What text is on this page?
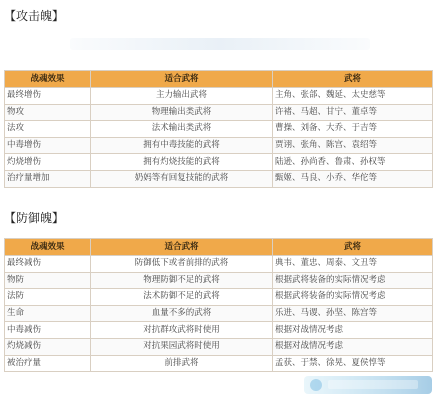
【攻击魄】
战魂效果	适合武将	武将
最终增伤	主力输出武将	主角、张郃、魏延、太史慈等
物攻	物理输出类武将	许褚、马超、甘宁、董卓等
法攻	法术输出类武将	曹操、刘备、大乔、于吉等
中毒增伤	拥有中毒技能的武将	贾诩、张角、陈宫、袁绍等
灼烧增伤	拥有灼烧技能的武将	陆逊、孙尚香、鲁肃、孙权等
治疗量增加	奶妈等有回复技能的武将	甄姬、马良、小乔、华佗等
【防御魄】
战魂效果	适合武将	武将
最终减伤	防御低下或者前排的武将	典韦、董忠、周泰、文丑等
物防	物理防御不足的武将	根据武将装备的实际情况考虑
法防	法术防御不足的武将	根据武将装备的实际情况考虑
生命	血量不多的武将	乐进、马谡、孙坚、陈宫等
中毒减伤	对抗群攻武将时使用	根据对战情况考虑
灼烧减伤	对抗果园武将时使用	根据对战情况考虑
被治疗量	前排武将	孟获、于禁、徐晃、夏侯惇等
